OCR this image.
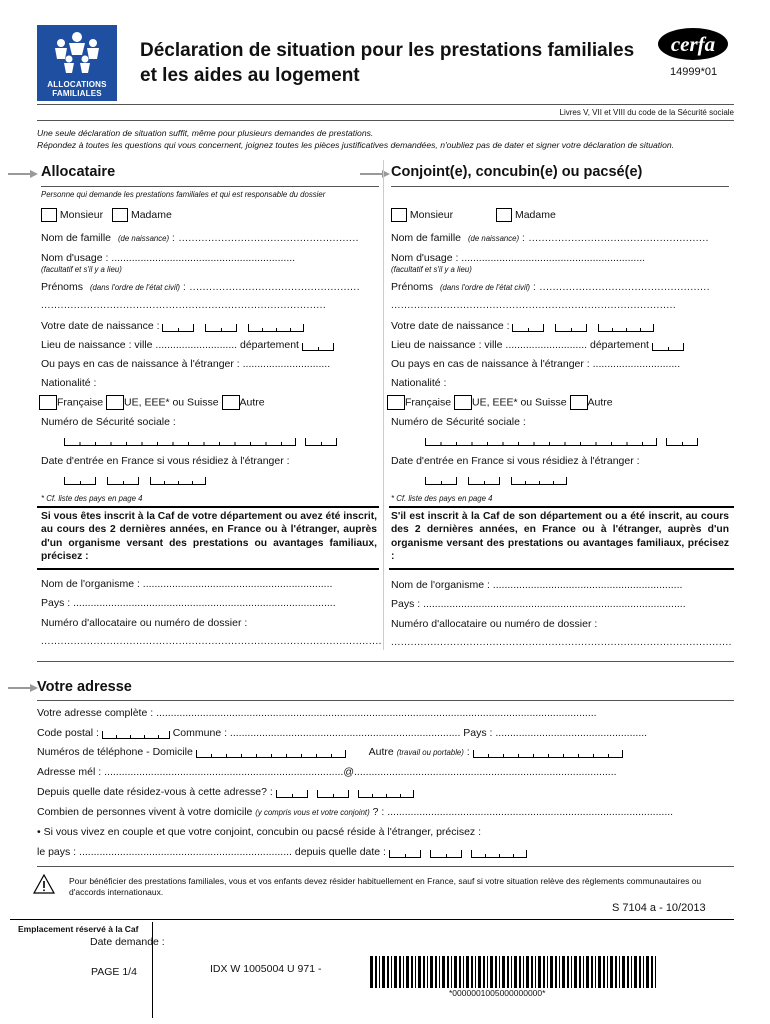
ALLOCATIONS
FAMILIALES
Déclaration de situation pour les prestations familiales
et les aides au logement
cerfa
14999*01
Livres V, VII et VIII du code de la Sécurité sociale
Une seule déclaration de situation suffit, même pour plusieurs demandes de prestations.
Répondez à toutes les questions qui vous concernent, joignez toutes les pièces justificatives demandées, n'oubliez pas de dater et signer votre déclaration de situation.
Allocataire
Personne qui demande les prestations familiales et qui est responsable du dossier
Monsieur	Madame
Nom de famille (de naissance) : .......................................................
Nom d'usage : ...............................................................
(facultatif et s'il y a lieu)
Prénoms (dans l'ordre de l'état civil) : ....................................................
.......................................................................................
Votre date de naissance :
Lieu de naissance : ville ............................ département
Ou pays en cas de naissance à l'étranger : ..............................
Nationalité :
Française UE, EEE* ou Suisse Autre
Numéro de Sécurité sociale :

Date d'entrée en France si vous résidiez à l'étranger :

* Cf. liste des pays en page 4
Si vous êtes inscrit à la Caf de votre département ou avez été inscrit, au cours des 2 dernières années, en France ou à l'étranger, auprès d'un organisme versant des prestations ou avantages familiaux, précisez :
Nom de l'organisme : .................................................................
Pays : ..........................................................................................
Numéro d'allocataire ou numéro de dossier :
........................................................................................................
Conjoint(e), concubin(e) ou pacsé(e)
Monsieur	Madame
Nom de famille (de naissance) : .......................................................
Nom d'usage : ...............................................................
(facultatif et s'il y a lieu)
Prénoms (dans l'ordre de l'état civil) : ....................................................
.......................................................................................
Votre date de naissance :
Lieu de naissance : ville ............................ département
Ou pays en cas de naissance à l'étranger : ..............................
Nationalité :
Française UE, EEE* ou Suisse Autre
Numéro de Sécurité sociale :

Date d'entrée en France si vous résidiez à l'étranger :

* Cf. liste des pays en page 4
S'il est inscrit à la Caf de son département ou a été inscrit, au cours des 2 dernières années, en France ou à l'étranger, auprès d'un organisme versant des prestations ou avantages familiaux, précisez :
Nom de l'organisme : .................................................................
Pays : ..........................................................................................
Numéro d'allocataire ou numéro de dossier :
........................................................................................................
Votre adresse
Votre adresse complète : .......................................................................................................................................................
Code postal :	Commune : ............................................................................... Pays : ....................................................
Numéros de téléphone - Domicile	Autre (travail ou portable) :
Adresse mél : ..................................................................................@..........................................................................................
Depuis quelle date résidez-vous à cette adresse? :
Combien de personnes vivent à votre domicile (y compris vous et votre conjoint) ? : ..................................................................................................
• Si vous vivez en couple et que votre conjoint, concubin ou pacsé réside à l'étranger, précisez :
le pays : ......................................................................... depuis quelle date :
Pour bénéficier des prestations familiales, vous et vos enfants devez résider habituellement en France, sauf si votre situation relève des règlements communautaires ou d'accords internationaux.
S 7104 a - 10/2013
Emplacement réservé à la Caf
Date demande :
PAGE 1/4	IDX W 1005004 U 971 -
*0000001005000000000*
